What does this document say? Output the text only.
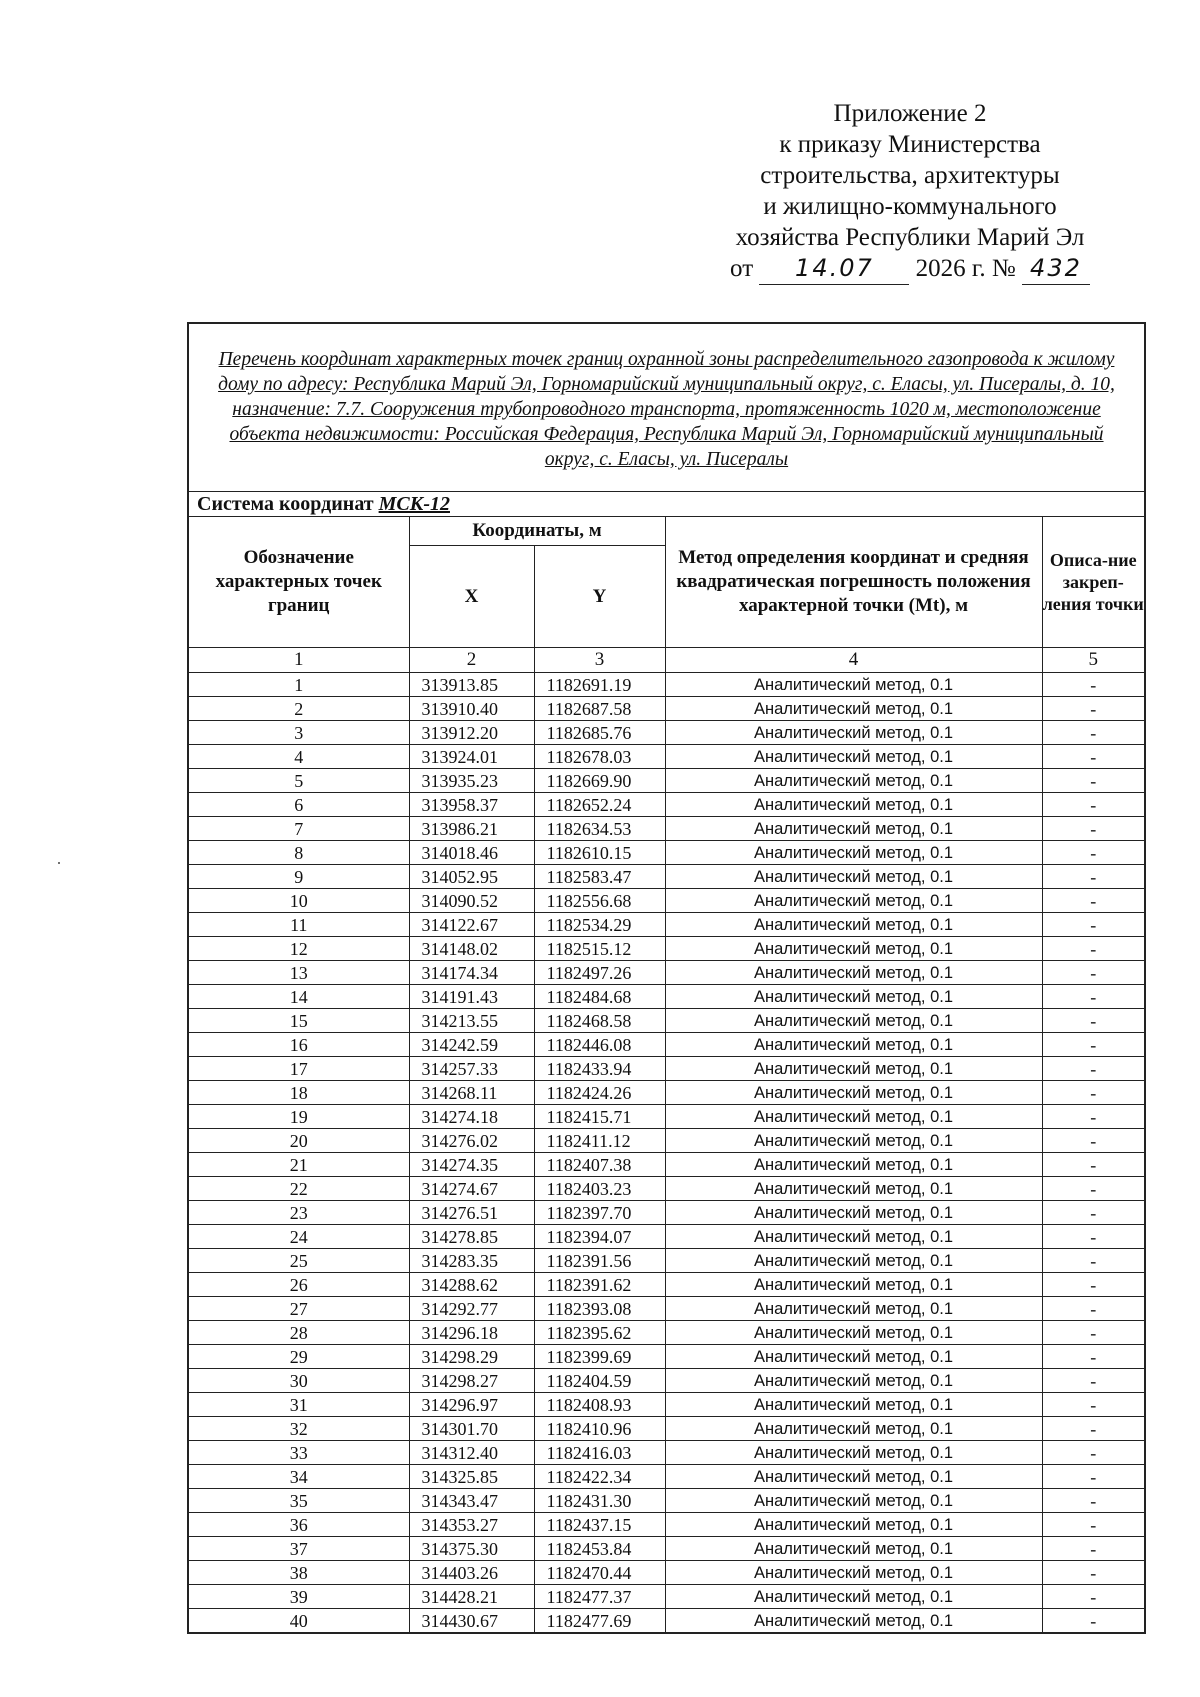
Приложение 2
к приказу Министерства
строительства, архитектуры
и жилищно-коммунального
хозяйства Республики Марий Эл
от 14.07 2026 г. № 432
Перечень координат характерных точек границ охранной зоны распределительного газопровода к жилому дому по адресу: Республика Марий Эл, Горномарийский муниципальный округ, с. Еласы, ул. Писералы, д. 10, назначение: 7.7. Сооружения трубопроводного транспорта, протяженность 1020 м, местоположение объекта недвижимости: Российская Федерация, Республика Марий Эл, Горномарийский муниципальный округ, с. Еласы, ул. Писералы				
Система координат МСК-12				
Обозначение характерных точек границ	Координаты, м		Метод определения координат и средняя квадратическая погрешность положения характерной точки (Mt), м	Описа-ние закреп-ления точки
	X	Y		
1	2	3	4	5
1	313913.85	1182691.19	Аналитический метод, 0.1	-
2	313910.40	1182687.58	Аналитический метод, 0.1	-
3	313912.20	1182685.76	Аналитический метод, 0.1	-
4	313924.01	1182678.03	Аналитический метод, 0.1	-
5	313935.23	1182669.90	Аналитический метод, 0.1	-
6	313958.37	1182652.24	Аналитический метод, 0.1	-
7	313986.21	1182634.53	Аналитический метод, 0.1	-
8	314018.46	1182610.15	Аналитический метод, 0.1	-
9	314052.95	1182583.47	Аналитический метод, 0.1	-
10	314090.52	1182556.68	Аналитический метод, 0.1	-
11	314122.67	1182534.29	Аналитический метод, 0.1	-
12	314148.02	1182515.12	Аналитический метод, 0.1	-
13	314174.34	1182497.26	Аналитический метод, 0.1	-
14	314191.43	1182484.68	Аналитический метод, 0.1	-
15	314213.55	1182468.58	Аналитический метод, 0.1	-
16	314242.59	1182446.08	Аналитический метод, 0.1	-
17	314257.33	1182433.94	Аналитический метод, 0.1	-
18	314268.11	1182424.26	Аналитический метод, 0.1	-
19	314274.18	1182415.71	Аналитический метод, 0.1	-
20	314276.02	1182411.12	Аналитический метод, 0.1	-
21	314274.35	1182407.38	Аналитический метод, 0.1	-
22	314274.67	1182403.23	Аналитический метод, 0.1	-
23	314276.51	1182397.70	Аналитический метод, 0.1	-
24	314278.85	1182394.07	Аналитический метод, 0.1	-
25	314283.35	1182391.56	Аналитический метод, 0.1	-
26	314288.62	1182391.62	Аналитический метод, 0.1	-
27	314292.77	1182393.08	Аналитический метод, 0.1	-
28	314296.18	1182395.62	Аналитический метод, 0.1	-
29	314298.29	1182399.69	Аналитический метод, 0.1	-
30	314298.27	1182404.59	Аналитический метод, 0.1	-
31	314296.97	1182408.93	Аналитический метод, 0.1	-
32	314301.70	1182410.96	Аналитический метод, 0.1	-
33	314312.40	1182416.03	Аналитический метод, 0.1	-
34	314325.85	1182422.34	Аналитический метод, 0.1	-
35	314343.47	1182431.30	Аналитический метод, 0.1	-
36	314353.27	1182437.15	Аналитический метод, 0.1	-
37	314375.30	1182453.84	Аналитический метод, 0.1	-
38	314403.26	1182470.44	Аналитический метод, 0.1	-
39	314428.21	1182477.37	Аналитический метод, 0.1	-
40	314430.67	1182477.69	Аналитический метод, 0.1	-
